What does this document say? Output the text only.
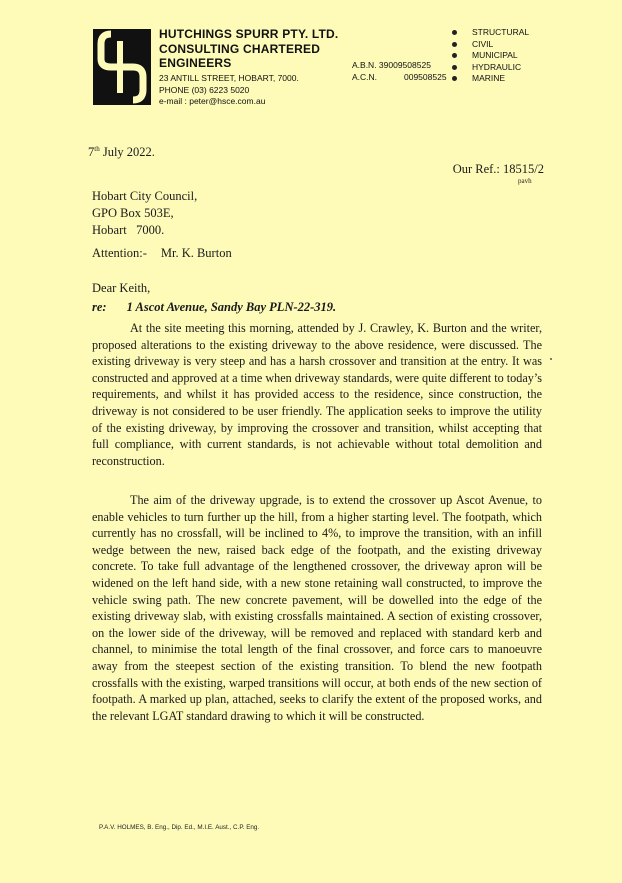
HUTCHINGS SPURR PTY. LTD.
CONSULTING CHARTERED
ENGINEERS
23 ANTILL STREET, HOBART, 7000.
PHONE (03) 6223 5020
e-mail : peter@hsce.com.au
A.B.N. 39009508525
A.C.N.	009508525
STRUCTURAL
CIVIL
MUNICIPAL
HYDRAULIC
MARINE
7th July 2022.
Our Ref.: 18515/2
pavh
Hobart City Council,
GPO Box 503E,
Hobart   7000.
Attention:- Mr. K. Burton
Dear Keith,
re: 1 Ascot Avenue, Sandy Bay PLN-22-319.

At the site meeting this morning, attended by J. Crawley, K. Burton and the writer, proposed alterations to the existing driveway to the above residence, were discussed. The existing driveway is very steep and has a harsh crossover and transition at the entry. It was constructed and approved at a time when driveway standards, were quite different to today’s requirements, and whilst it has provided access to the residence, since construction, the driveway is not considered to be user friendly. The application seeks to improve the utility of the existing driveway, by improving the crossover and transition, whilst accepting that full compliance, with current standards, is not achievable without total demolition and reconstruction.

The aim of the driveway upgrade, is to extend the crossover up Ascot Avenue, to enable vehicles to turn further up the hill, from a higher starting level. The footpath, which currently has no crossfall, will be inclined to 4%, to improve the transition, with an infill wedge between the new, raised back edge of the footpath, and the existing driveway concrete. To take full advantage of the lengthened crossover, the driveway apron will be widened on the left hand side, with a new stone retaining wall constructed, to improve the vehicle swing path. The new concrete pavement, will be dowelled into the edge of the existing driveway slab, with existing crossfalls maintained. A section of existing crossover, on the lower side of the driveway, will be removed and replaced with standard kerb and channel, to minimise the total length of the final crossover, and force cars to manoeuvre away from the steepest section of the existing transition. To blend the new footpath crossfalls with the existing, warped transitions will occur, at both ends of the new section of footpath. A marked up plan, attached, seeks to clarify the extent of the proposed works, and the relevant LGAT standard drawing to which it will be constructed.

P.A.V. HOLMES, B. Eng., Dip. Ed., M.I.E. Aust., C.P. Eng.
